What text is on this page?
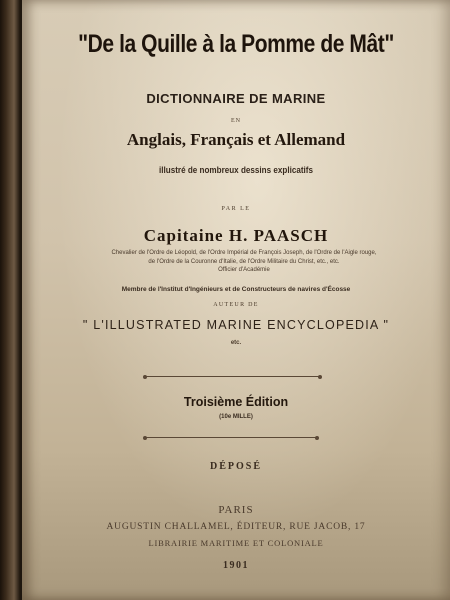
"De la Quille à la Pomme de Mât"
DICTIONNAIRE DE MARINE
EN
Anglais, Français et Allemand
illustré de nombreux dessins explicatifs
PAR LE
Capitaine H. PAASCH
Chevalier de l'Ordre de Léopold, de l'Ordre Impérial de François Joseph, de l'Ordre de l'Aigle rouge,
de l'Ordre de la Couronne d'Italie, de l'Ordre Militaire du Christ, etc., etc.
Officier d'Académie
Membre de l'Institut d'Ingénieurs et de Constructeurs de navires d'Écosse
AUTEUR DE
" L'ILLUSTRATED MARINE ENCYCLOPEDIA "
etc.
Troisième Édition
(10e MILLE)
DÉPOSÉ
PARIS
AUGUSTIN CHALLAMEL, ÉDITEUR, RUE JACOB, 17
LIBRAIRIE MARITIME ET COLONIALE
1901
